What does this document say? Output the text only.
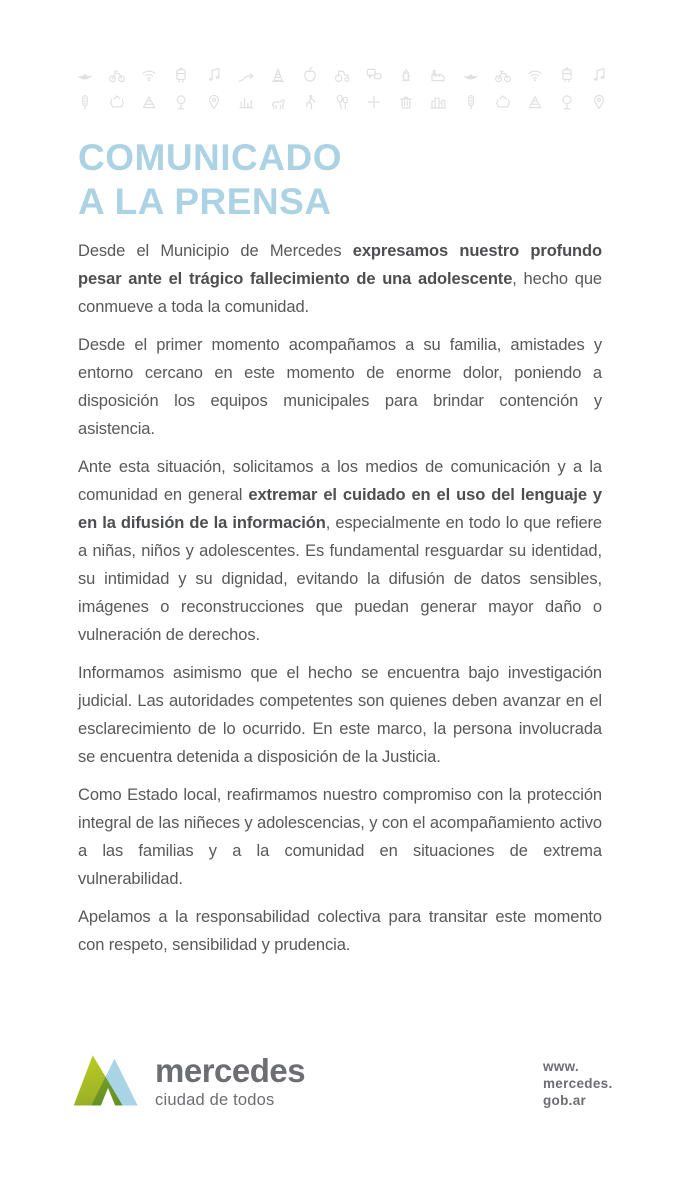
COMUNICADO
A LA PRENSA

Desde el Municipio de Mercedes expresamos nuestro profundo pesar ante el trágico fallecimiento de una adolescente, hecho que conmueve a toda la comunidad.

Desde el primer momento acompañamos a su familia, amistades y entorno cercano en este momento de enorme dolor, poniendo a disposición los equipos municipales para brindar contención y asistencia.

Ante esta situación, solicitamos a los medios de comunicación y a la comunidad en general extremar el cuidado en el uso del lenguaje y en la difusión de la información, especialmente en todo lo que refiere a niñas, niños y adolescentes. Es fundamental resguardar su identidad, su intimidad y su dignidad, evitando la difusión de datos sensibles, imágenes o reconstrucciones que puedan generar mayor daño o vulneración de derechos.

Informamos asimismo que el hecho se encuentra bajo investigación judicial. Las autoridades competentes son quienes deben avanzar en el esclarecimiento de lo ocurrido. En este marco, la persona involucrada se encuentra detenida a disposición de la Justicia.

Como Estado local, reafirmamos nuestro compromiso con la protección integral de las niñeces y adolescencias, y con el acompañamiento activo a las familias y a la comunidad en situaciones de extrema vulnerabilidad.

Apelamos a la responsabilidad colectiva para transitar este momento con respeto, sensibilidad y prudencia.

mercedes
ciudad de todos
www.
mercedes.
gob.ar
